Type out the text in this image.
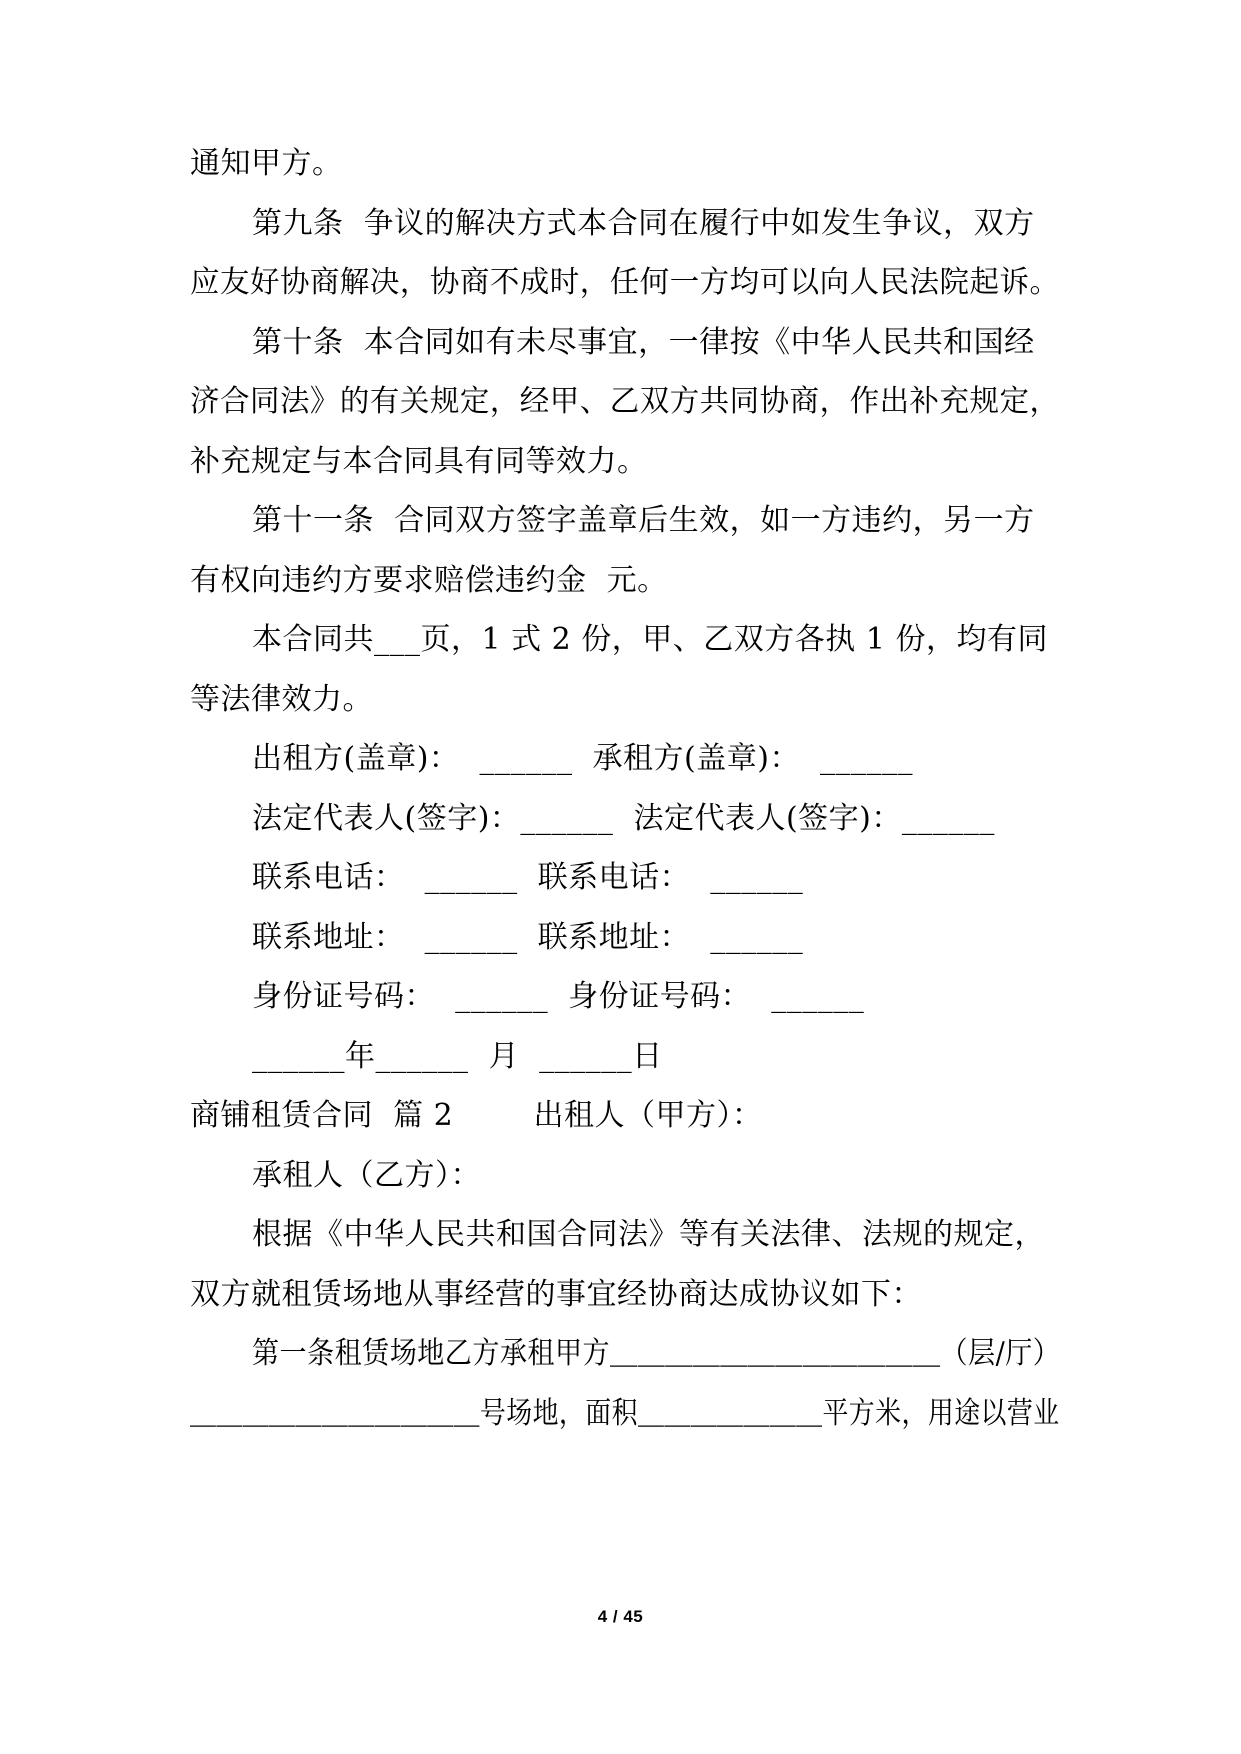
通知甲方。
第九条  争议的解决方式本合同在履行中如发生争议，双方
应友好协商解决，协商不成时，任何一方均可以向人民法院起诉。
第十条  本合同如有未尽事宜，一律按《中华人民共和国经
济合同法》的有关规定，经甲、乙双方共同协商，作出补充规定，
补充规定与本合同具有同等效力。
第十一条  合同双方签字盖章后生效，如一方违约，另一方
有权向违约方要求赔偿违约金  元。
本合同共___页，1 式 2 份，甲、乙双方各执 1 份，均有同
等法律效力。
出租方(盖章)：  ______  承租方(盖章)：  ______
法定代表人(签字)：______  法定代表人(签字)：______
联系电话：  ______  联系电话：  ______
联系地址：  ______  联系地址：  ______
身份证号码：  ______  身份证号码：  ______
______年______  月  ______日
商铺租赁合同  篇 2        出租人（甲方）：
承租人（乙方）：
根据《中华人民共和国合同法》等有关法律、法规的规定，
双方就租赁场地从事经营的事宜经协商达成协议如下：
第一条租赁场地乙方承租甲方＿＿＿＿＿＿＿＿＿＿＿＿（层/厅）
＿＿＿＿＿＿＿＿＿＿＿号场地，面积＿＿＿＿＿＿＿平方米，用途以营业
4 / 45
